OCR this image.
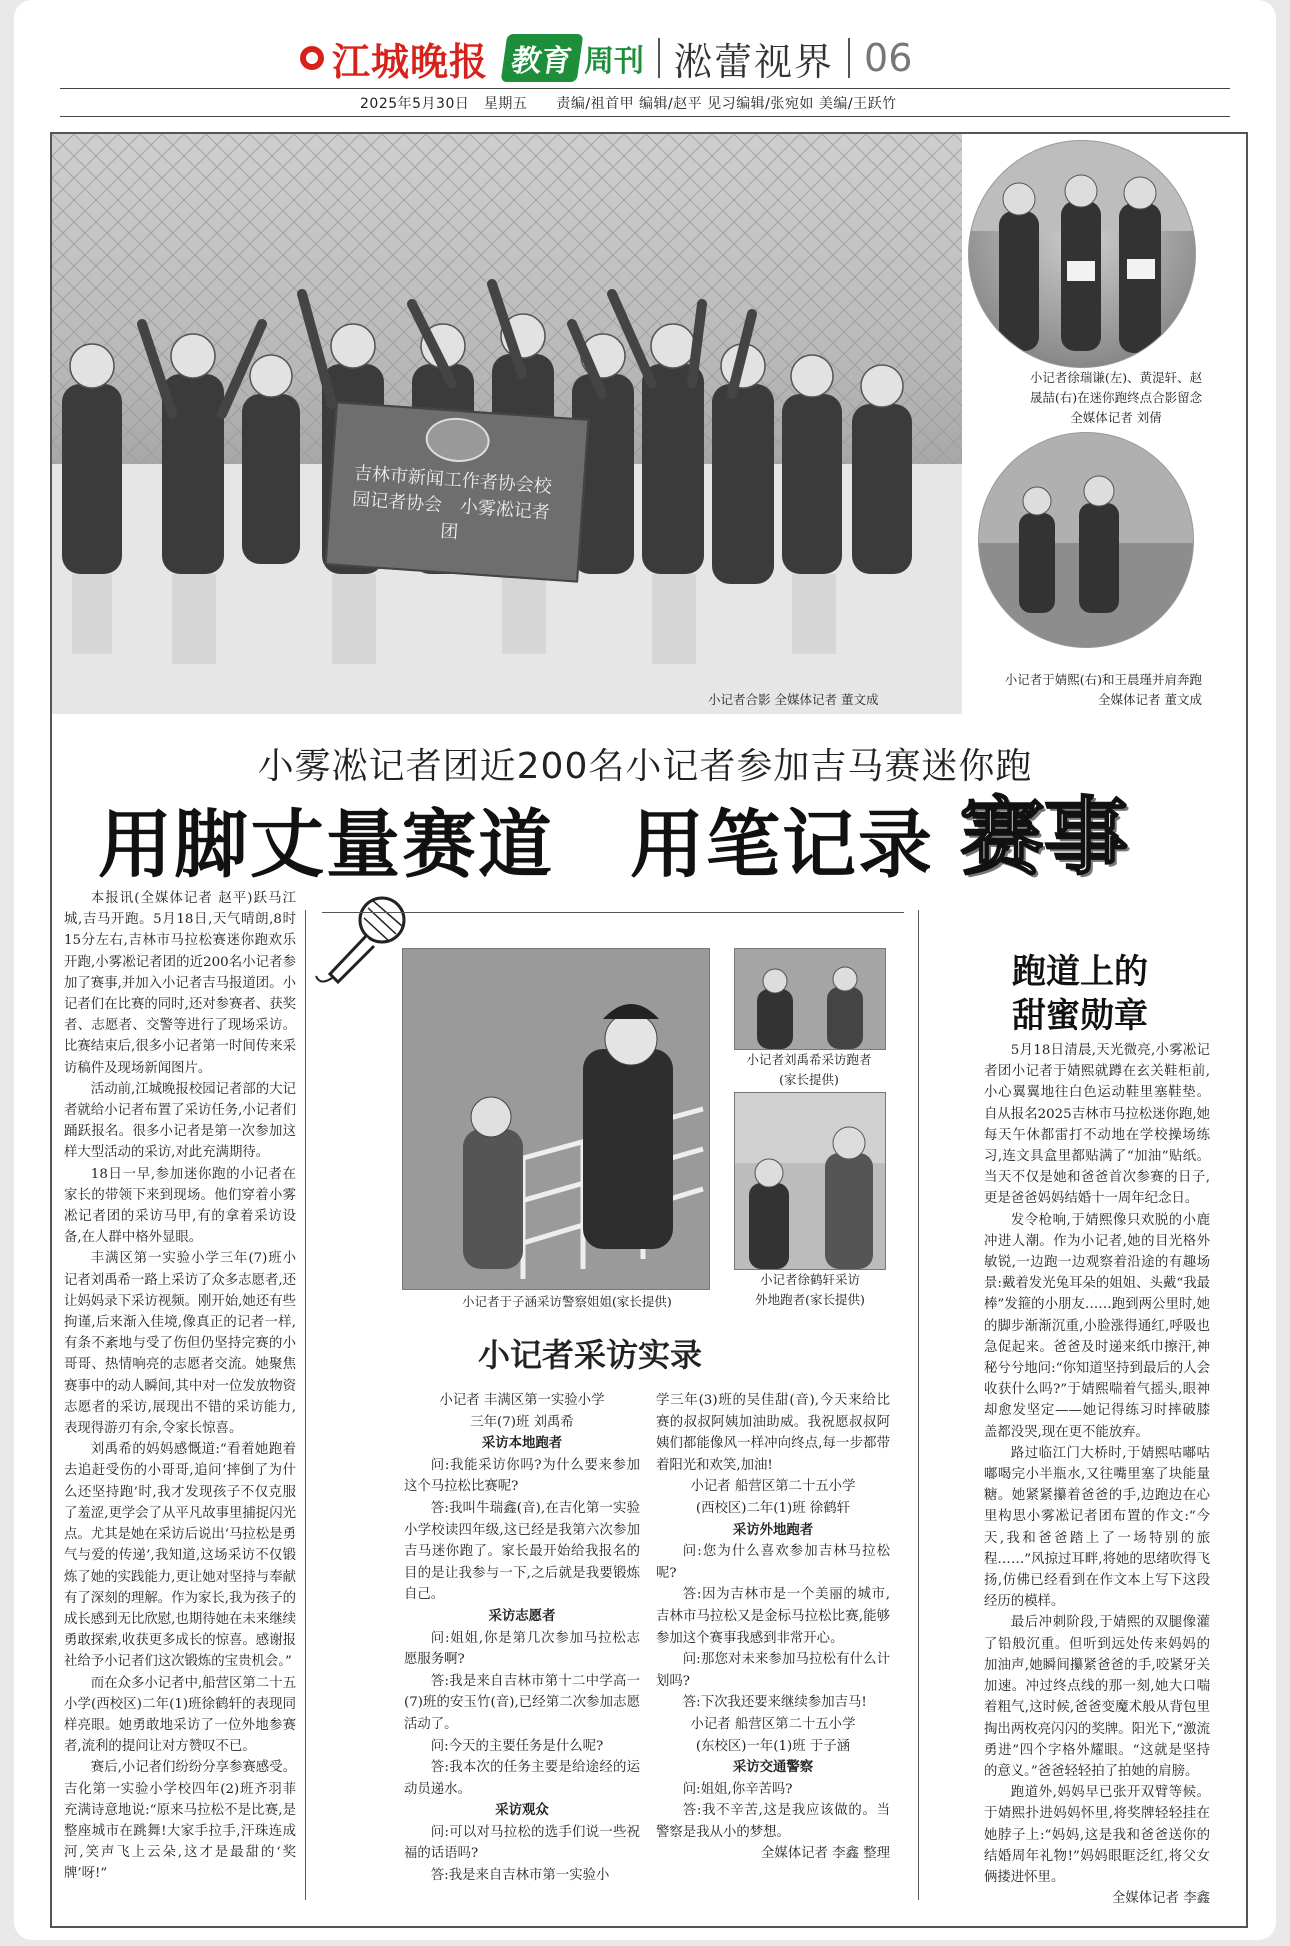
江城晚报 教育 周刊 淞蕾视界 06
2025年5月30日　星期五　　责编/祖首甲 编辑/赵平 见习编辑/张宛如 美编/王跃竹
吉林市新闻工作者协会校园记者协会　小雾凇记者团
小记者合影 全媒体记者 董文成
小记者徐瑞谦(左)、黄湜轩、赵
晟喆(右)在迷你跑终点合影留念
全媒体记者 刘倩
小记者于婧熙(右)和王晨瑾并肩奔跑
全媒体记者 董文成
小雾凇记者团近200名小记者参加吉马赛迷你跑
用脚丈量赛道　用笔记录 赛事

本报讯(全媒体记者 赵平)跃马江城,吉马开跑。5月18日,天气晴朗,8时15分左右,吉林市马拉松赛迷你跑欢乐开跑,小雾凇记者团的近200名小记者参加了赛事,并加入小记者吉马报道团。小记者们在比赛的同时,还对参赛者、获奖者、志愿者、交警等进行了现场采访。比赛结束后,很多小记者第一时间传来采访稿件及现场新闻图片。

活动前,江城晚报校园记者部的大记者就给小记者布置了采访任务,小记者们踊跃报名。很多小记者是第一次参加这样大型活动的采访,对此充满期待。

18日一早,参加迷你跑的小记者在家长的带领下来到现场。他们穿着小雾凇记者团的采访马甲,有的拿着采访设备,在人群中格外显眼。

丰满区第一实验小学三年(7)班小记者刘禹希一路上采访了众多志愿者,还让妈妈录下采访视频。刚开始,她还有些拘谨,后来渐入佳境,像真正的记者一样,有条不紊地与受了伤但仍坚持完赛的小哥哥、热情响亮的志愿者交流。她聚焦赛事中的动人瞬间,其中对一位发放物资志愿者的采访,展现出不错的采访能力,表现得游刃有余,令家长惊喜。

刘禹希的妈妈感慨道:“看着她跑着去追赶受伤的小哥哥,追问‘摔倒了为什么还坚持跑’时,我才发现孩子不仅克服了羞涩,更学会了从平凡故事里捕捉闪光点。尤其是她在采访后说出‘马拉松是勇气与爱的传递’,我知道,这场采访不仅锻炼了她的实践能力,更让她对坚持与奉献有了深刻的理解。作为家长,我为孩子的成长感到无比欣慰,也期待她在未来继续勇敢探索,收获更多成长的惊喜。感谢报社给予小记者们这次锻炼的宝贵机会。”

而在众多小记者中,船营区第二十五小学(西校区)二年(1)班徐鹤轩的表现同样亮眼。她勇敢地采访了一位外地参赛者,流利的提问让对方赞叹不已。

赛后,小记者们纷纷分享参赛感受。吉化第一实验小学校四年(2)班齐羽菲充满诗意地说:“原来马拉松不是比赛,是整座城市在跳舞!大家手拉手,汗珠连成河,笑声飞上云朵,这才是最甜的‘奖牌’呀!”

小记者于子涵采访警察姐姐(家长提供)
小记者刘禹希采访跑者
(家长提供)
小记者徐鹤轩采访
外地跑者(家长提供)
小记者采访实录
小记者 丰满区第一实验小学
三年(7)班 刘禹希
采访本地跑者

问:我能采访你吗?为什么要来参加这个马拉松比赛呢?

答:我叫牛瑞鑫(音),在吉化第一实验小学校读四年级,这已经是我第六次参加吉马迷你跑了。家长最开始给我报名的目的是让我参与一下,之后就是我要锻炼自己。

采访志愿者

问:姐姐,你是第几次参加马拉松志愿服务啊?

答:我是来自吉林市第十二中学高一(7)班的安玉竹(音),已经第二次参加志愿活动了。

问:今天的主要任务是什么呢?

答:我本次的任务主要是给途经的运动员递水。

采访观众

问:可以对马拉松的选手们说一些祝福的话语吗?

答:我是来自吉林市第一实验小

学三年(3)班的吴佳甜(音),今天来给比赛的叔叔阿姨加油助威。我祝愿叔叔阿姨们都能像风一样冲向终点,每一步都带着阳光和欢笑,加油!

小记者 船营区第二十五小学
(西校区)二年(1)班 徐鹤轩
采访外地跑者

问:您为什么喜欢参加吉林马拉松呢?

答:因为吉林市是一个美丽的城市,吉林市马拉松又是金标马拉松比赛,能够参加这个赛事我感到非常开心。

问:那您对未来参加马拉松有什么计划吗?

答:下次我还要来继续参加吉马!

小记者 船营区第二十五小学
(东校区)一年(1)班 于子涵
采访交通警察

问:姐姐,你辛苦吗?

答:我不辛苦,这是我应该做的。当警察是我从小的梦想。

全媒体记者 李鑫 整理
跑道上的
甜蜜勋章

5月18日清晨,天光微亮,小雾凇记者团小记者于婧熙就蹲在玄关鞋柜前,小心翼翼地往白色运动鞋里塞鞋垫。自从报名2025吉林市马拉松迷你跑,她每天午休都雷打不动地在学校操场练习,连文具盒里都贴满了“加油”贴纸。当天不仅是她和爸爸首次参赛的日子,更是爸爸妈妈结婚十一周年纪念日。

发令枪响,于婧熙像只欢脱的小鹿冲进人潮。作为小记者,她的目光格外敏锐,一边跑一边观察着沿途的有趣场景:戴着发光兔耳朵的姐姐、头戴“我最棒”发箍的小朋友……跑到两公里时,她的脚步渐渐沉重,小脸涨得通红,呼吸也急促起来。爸爸及时递来纸巾擦汗,神秘兮兮地问:“你知道坚持到最后的人会收获什么吗?”于婧熙喘着气摇头,眼神却愈发坚定——她记得练习时摔破膝盖都没哭,现在更不能放弃。

路过临江门大桥时,于婧熙咕嘟咕嘟喝完小半瓶水,又往嘴里塞了块能量糖。她紧紧攥着爸爸的手,边跑边在心里构思小雾凇记者团布置的作文:“今天,我和爸爸踏上了一场特别的旅程……”风掠过耳畔,将她的思绪吹得飞扬,仿佛已经看到在作文本上写下这段经历的模样。

最后冲刺阶段,于婧熙的双腿像灌了铅般沉重。但听到远处传来妈妈的加油声,她瞬间攥紧爸爸的手,咬紧牙关加速。冲过终点线的那一刻,她大口喘着粗气,这时候,爸爸变魔术般从背包里掏出两枚亮闪闪的奖牌。阳光下,“激流勇进”四个字格外耀眼。“这就是坚持的意义。”爸爸轻轻拍了拍她的肩膀。

跑道外,妈妈早已张开双臂等候。于婧熙扑进妈妈怀里,将奖牌轻轻挂在她脖子上:“妈妈,这是我和爸爸送你的结婚周年礼物!”妈妈眼眶泛红,将父女俩搂进怀里。

全媒体记者 李鑫
